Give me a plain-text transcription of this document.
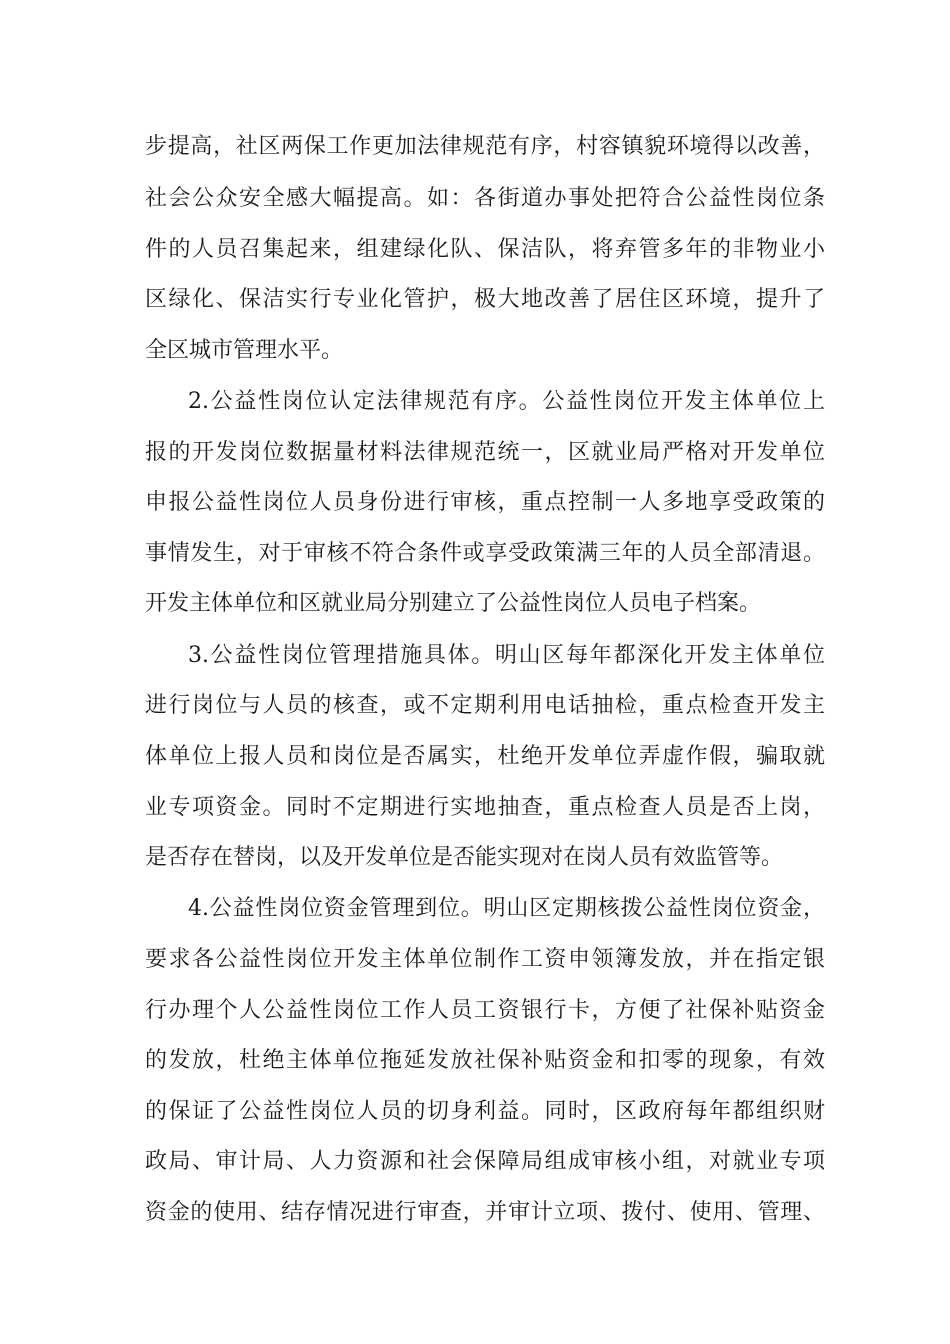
步提高，社区两保工作更加法律规范有序，村容镇貌环境得以改善，
社会公众安全感大幅提高。如：各街道办事处把符合公益性岗位条
件的人员召集起来，组建绿化队、保洁队，将弃管多年的非物业小
区绿化、保洁实行专业化管护，极大地改善了居住区环境，提升了
全区城市管理水平。
2.公益性岗位认定法律规范有序。公益性岗位开发主体单位上
报的开发岗位数据量材料法律规范统一，区就业局严格对开发单位
申报公益性岗位人员身份进行审核，重点控制一人多地享受政策的
事情发生，对于审核不符合条件或享受政策满三年的人员全部清退。
开发主体单位和区就业局分别建立了公益性岗位人员电子档案。
3.公益性岗位管理措施具体。明山区每年都深化开发主体单位
进行岗位与人员的核查，或不定期利用电话抽检，重点检查开发主
体单位上报人员和岗位是否属实，杜绝开发单位弄虚作假，骗取就
业专项资金。同时不定期进行实地抽查，重点检查人员是否上岗，
是否存在替岗，以及开发单位是否能实现对在岗人员有效监管等。
4.公益性岗位资金管理到位。明山区定期核拨公益性岗位资金，
要求各公益性岗位开发主体单位制作工资申领簿发放，并在指定银
行办理个人公益性岗位工作人员工资银行卡，方便了社保补贴资金
的发放，杜绝主体单位拖延发放社保补贴资金和扣零的现象，有效
的保证了公益性岗位人员的切身利益。同时，区政府每年都组织财
政局、审计局、人力资源和社会保障局组成审核小组，对就业专项
资金的使用、结存情况进行审查，并审计立项、拨付、使用、管理、
